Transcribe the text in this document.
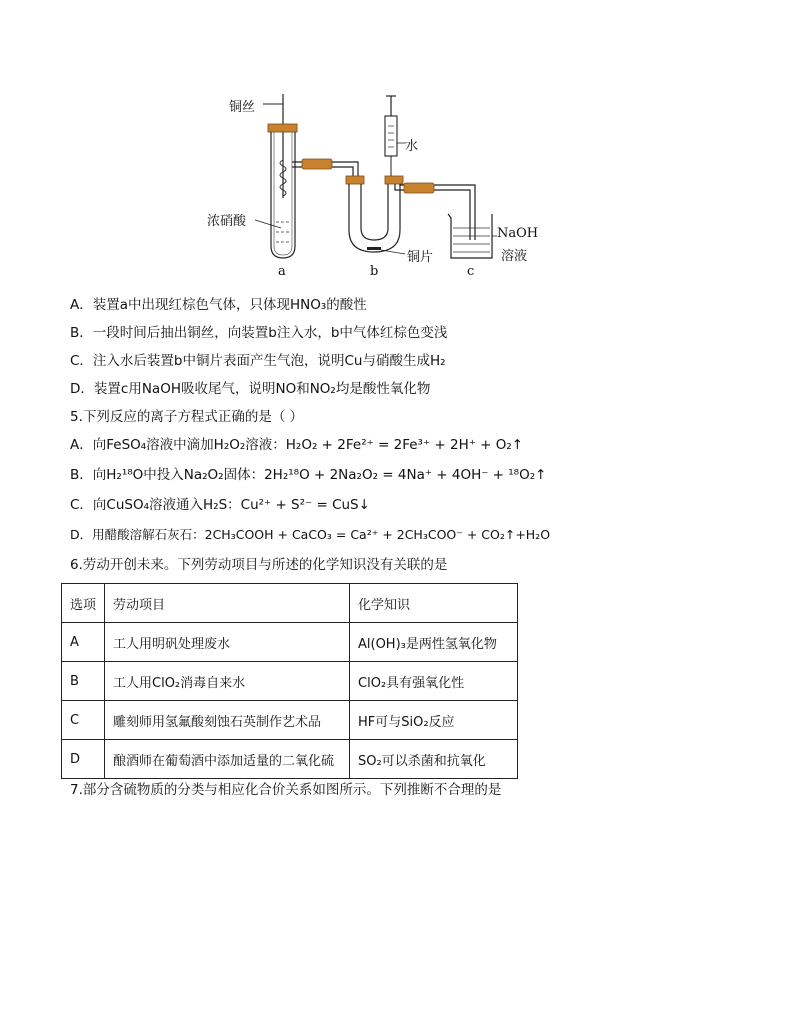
铜丝
水
浓硝酸
铜片
NaOH
溶液
a	b	c
A．装置a中出现红棕色气体，只体现HNO₃的酸性
B．一段时间后抽出铜丝，向装置b注入水，b中气体红棕色变浅
C．注入水后装置b中铜片表面产生气泡，说明Cu与硝酸生成H₂
D．装置c用NaOH吸收尾气，说明NO和NO₂均是酸性氧化物
5.下列反应的离子方程式正确的是（ ）
A．向FeSO₄溶液中滴加H₂O₂溶液：H₂O₂ + 2Fe²⁺ = 2Fe³⁺ + 2H⁺ + O₂↑
B．向H₂¹⁸O中投入Na₂O₂固体：2H₂¹⁸O + 2Na₂O₂ = 4Na⁺ + 4OH⁻ + ¹⁸O₂↑
C．向CuSO₄溶液通入H₂S：Cu²⁺ + S²⁻ = CuS↓
D．用醋酸溶解石灰石：2CH₃COOH + CaCO₃ = Ca²⁺ + 2CH₃COO⁻ + CO₂↑+H₂O
6.劳动开创未来。下列劳动项目与所述的化学知识没有关联的是
选项	劳动项目	化学知识
A	工人用明矾处理废水	Al(OH)₃是两性氢氧化物
B	工人用ClO₂消毒自来水	ClO₂具有强氧化性
C	雕刻师用氢氟酸刻蚀石英制作艺术品	HF可与SiO₂反应
D	酿酒师在葡萄酒中添加适量的二氧化硫	SO₂可以杀菌和抗氧化
7.部分含硫物质的分类与相应化合价关系如图所示。下列推断不合理的是
